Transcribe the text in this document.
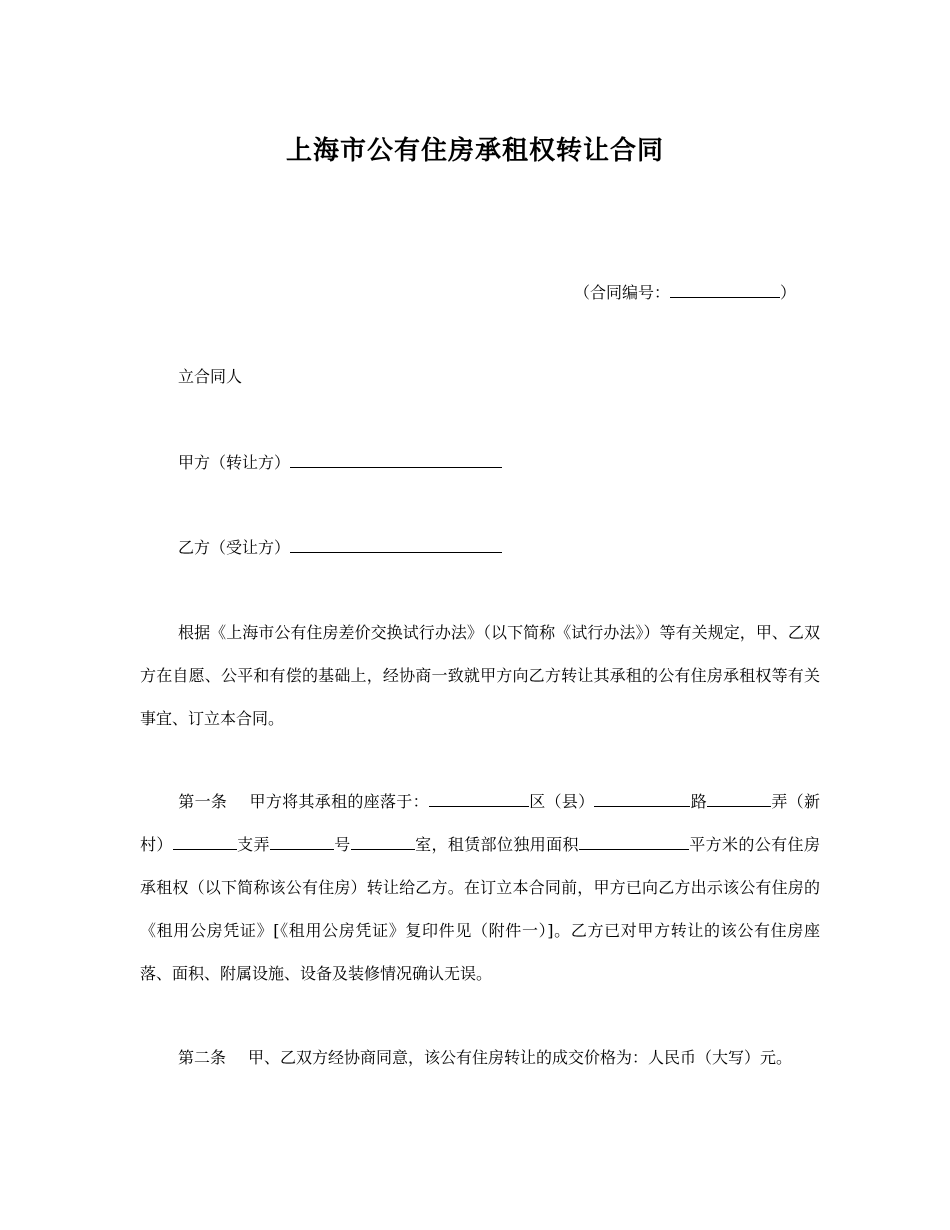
上海市公有住房承租权转让合同
（合同编号：	）
立合同人
甲方（转让方）
乙方（受让方）
根据《上海市公有住房差价交换试行办法》（以下简称《试行办法》）等有关规定，甲、乙双方在自愿、公平和有偿的基础上，经协商一致就甲方向乙方转让其承租的公有住房承租权等有关事宜、订立本合同。
第一条 甲方将其承租的座落于：	区（县）	路	弄（新村）	支弄	号	室，租赁部位独用面积	平方米的公有住房承租权（以下简称该公有住房）转让给乙方。在订立本合同前，甲方已向乙方出示该公有住房的《租用公房凭证》[《租用公房凭证》复印件见（附件一）]。乙方已对甲方转让的该公有住房座落、面积、附属设施、设备及装修情况确认无误。
第二条 甲、乙双方经协商同意，该公有住房转让的成交价格为：人民币（大写）元。
